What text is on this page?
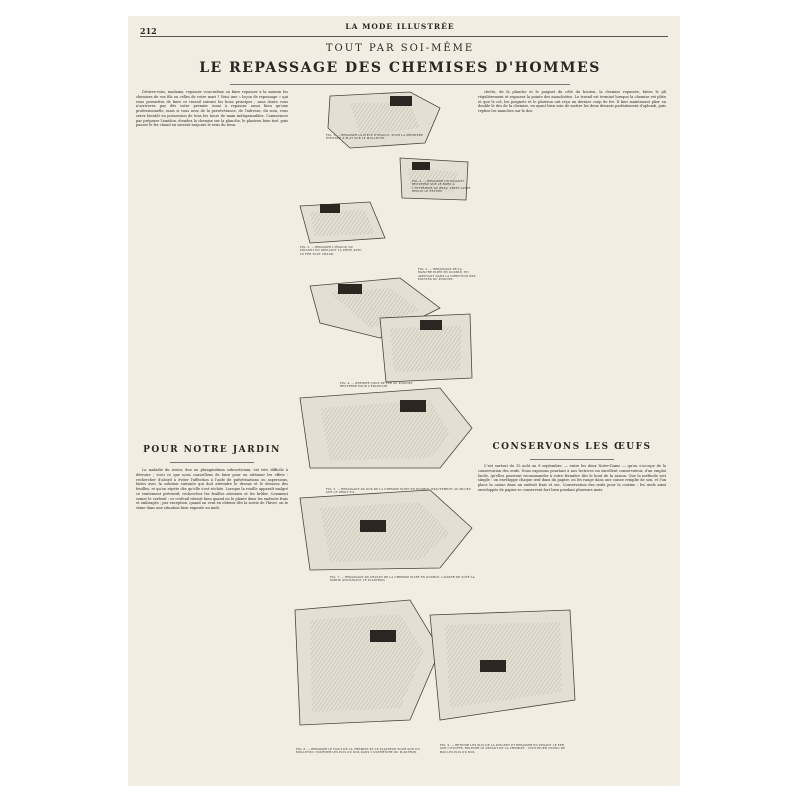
212	LA MODE ILLUSTRÉE
TOUT PAR SOI-MÊME
LE REPASSAGE DES CHEMISES D'HOMMES

Désirez-vous, madame, repasser vous-même ou faire repasser à la maison les chemises de vos fils ou celles de votre mari ? Voici une « leçon de repassage » qui vous permettra de faire ce travail suivant les bons principes ; sans doute vous n'arriverez pas dès votre premier essai à repasser aussi bien qu'une professionnelle, mais si vous avez de la persévérance, de l'adresse, du soin, vous serez bientôt en possession de tous les tours de main indispensables. Commencez par préparer l'amidon, étendez la chemise sur la planche, le plastron bien tiré, puis passez le fer chaud en suivant toujours le sens du tissu.

POUR NOTRE JARDIN

La maladie du rosier, due au phragmidium subcorticium, est très difficile à détruire ; voici ce que nous conseillons de faire pour en atténuer les effets : rechercher d'abord à éviter l'affection à l'aide de pulvérisations ou aspersions, faites avec la solution suivante qui doit atteindre le dessus et le dessous des feuilles, et qu'on répète dès qu'elle s'est séchée. Lorsque la rouille apparaît malgré ce traitement préventif, recherchez les feuilles atteintes et les brûler. Comment semer le cerfeuil : ce cerfeuil réussit bien quand on le plante dans les endroits frais et ombragés ; par exception, quand on veut en obtenir dès la sortie de l'hiver, on le sème dans une situation bien exposée au midi.

chette, de la planche et le poignet du côté du bouton, la chemise repassée, faites le pli régulièrement et repassez la pointe des manchettes. Le travail est terminé lorsque la chemise est pliée et que le col, les poignets et le plastron ont reçu un dernier coup de fer. Il faut maintenant plier en double le dos de la chemise, en ayant bien soin de mettre les deux devants parfaitement d'aplomb, puis repliez les manches sur le dos.

CONSERVONS LES ŒUFS

C'est surtout du 15 août au 8 septembre, — entre les deux Notre-Dame — qu'on s'occupe de la conservation des œufs. Nous exposons pourtant à nos lectrices un excellent conservateur, d'un emploi facile, qu'elles pourront recommander à votre fermière dès le bout de la saison. Que la méthode soit simple : on enveloppe chaque œuf dans du papier, on les range dans une caisse remplie de son, et l'on place la caisse dans un endroit frais et sec. Conservation des œufs pour la cuisine : les œufs ainsi enveloppés de papier se conservent fort bien pendant plusieurs mois.

FIG. 1. — REPASSER LA PIÈCE D'ÉPAULE, POUR LA PREMIÈRE ÉTENDUE À PLAT SUR LE MOLLETON.
FIG. 2. — REPASSER UN POIGNET RENVERSÉ SUR LE BORD À L'INTÉRIEUR DU BRAS. APRÈS AVOIR REPLIÉ LE REVERS.
FIG. 3. — REPASSER L'ÉPAULE DU POIGNET EN DÉPLIANT LA PIÈCE AVEC LE FER TOUT CHAUD.
FIG. 3. — REPASSAGE DE LA MANCHE PLIÉE EN DOUBLE, EN APPUYANT DANS LA DIRECTION DES POINTES DU POIGNET.
FIG. 4. — DERNIER COUP DE FER AU POIGNET RENVERSÉ POUR L'ÉPANOUIR.
FIG. 5. — REPASSAGE DU DOS DE LA CHEMISE PLIÉE EN DOUBLE, EXACTEMENT AU MILIEU SUR LE DROIT FIL.
FIG. 7. — REPASSAGE DU DEVANT DE LA CHEMISE PLIÉE EN DOUBLE, LAISSER DE CÔTÉ LA PARTIE AVOISINANT LE PLASTRON.
FIG. 8. — REPASSER LE HAUT DE LA CHEMISE ET LE PLASTRON POUR SON UN MOLLETON, TOURNER LES PLIS DU DOS DANS L'OUVERTURE DU PLASTRON.
FIG. 9. — RETENIR LES PLIS DE LA POIGNET ET REPASSER EN POSANT LE FER SUR L'ÉTOFFE, RELEVER LE DEVANT DE LA CHEMISE ; CONTINUER CONNU DE BAS LES PLIS DU DOS.
